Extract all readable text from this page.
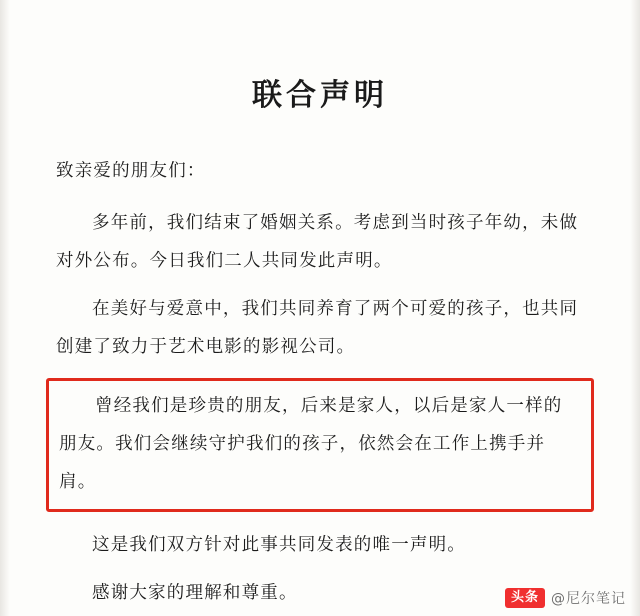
联合声明

致亲爱的朋友们：

多年前，我们结束了婚姻关系。考虑到当时孩子年幼，未做对外公布。今日我们二人共同发此声明。

在美好与爱意中，我们共同养育了两个可爱的孩子，也共同创建了致力于艺术电影的影视公司。

曾经我们是珍贵的朋友，后来是家人，以后是家人一样的朋友。我们会继续守护我们的孩子，依然会在工作上携手并肩。

这是我们双方针对此事共同发表的唯一声明。

感谢大家的理解和尊重。	头条 @尼尔笔记
